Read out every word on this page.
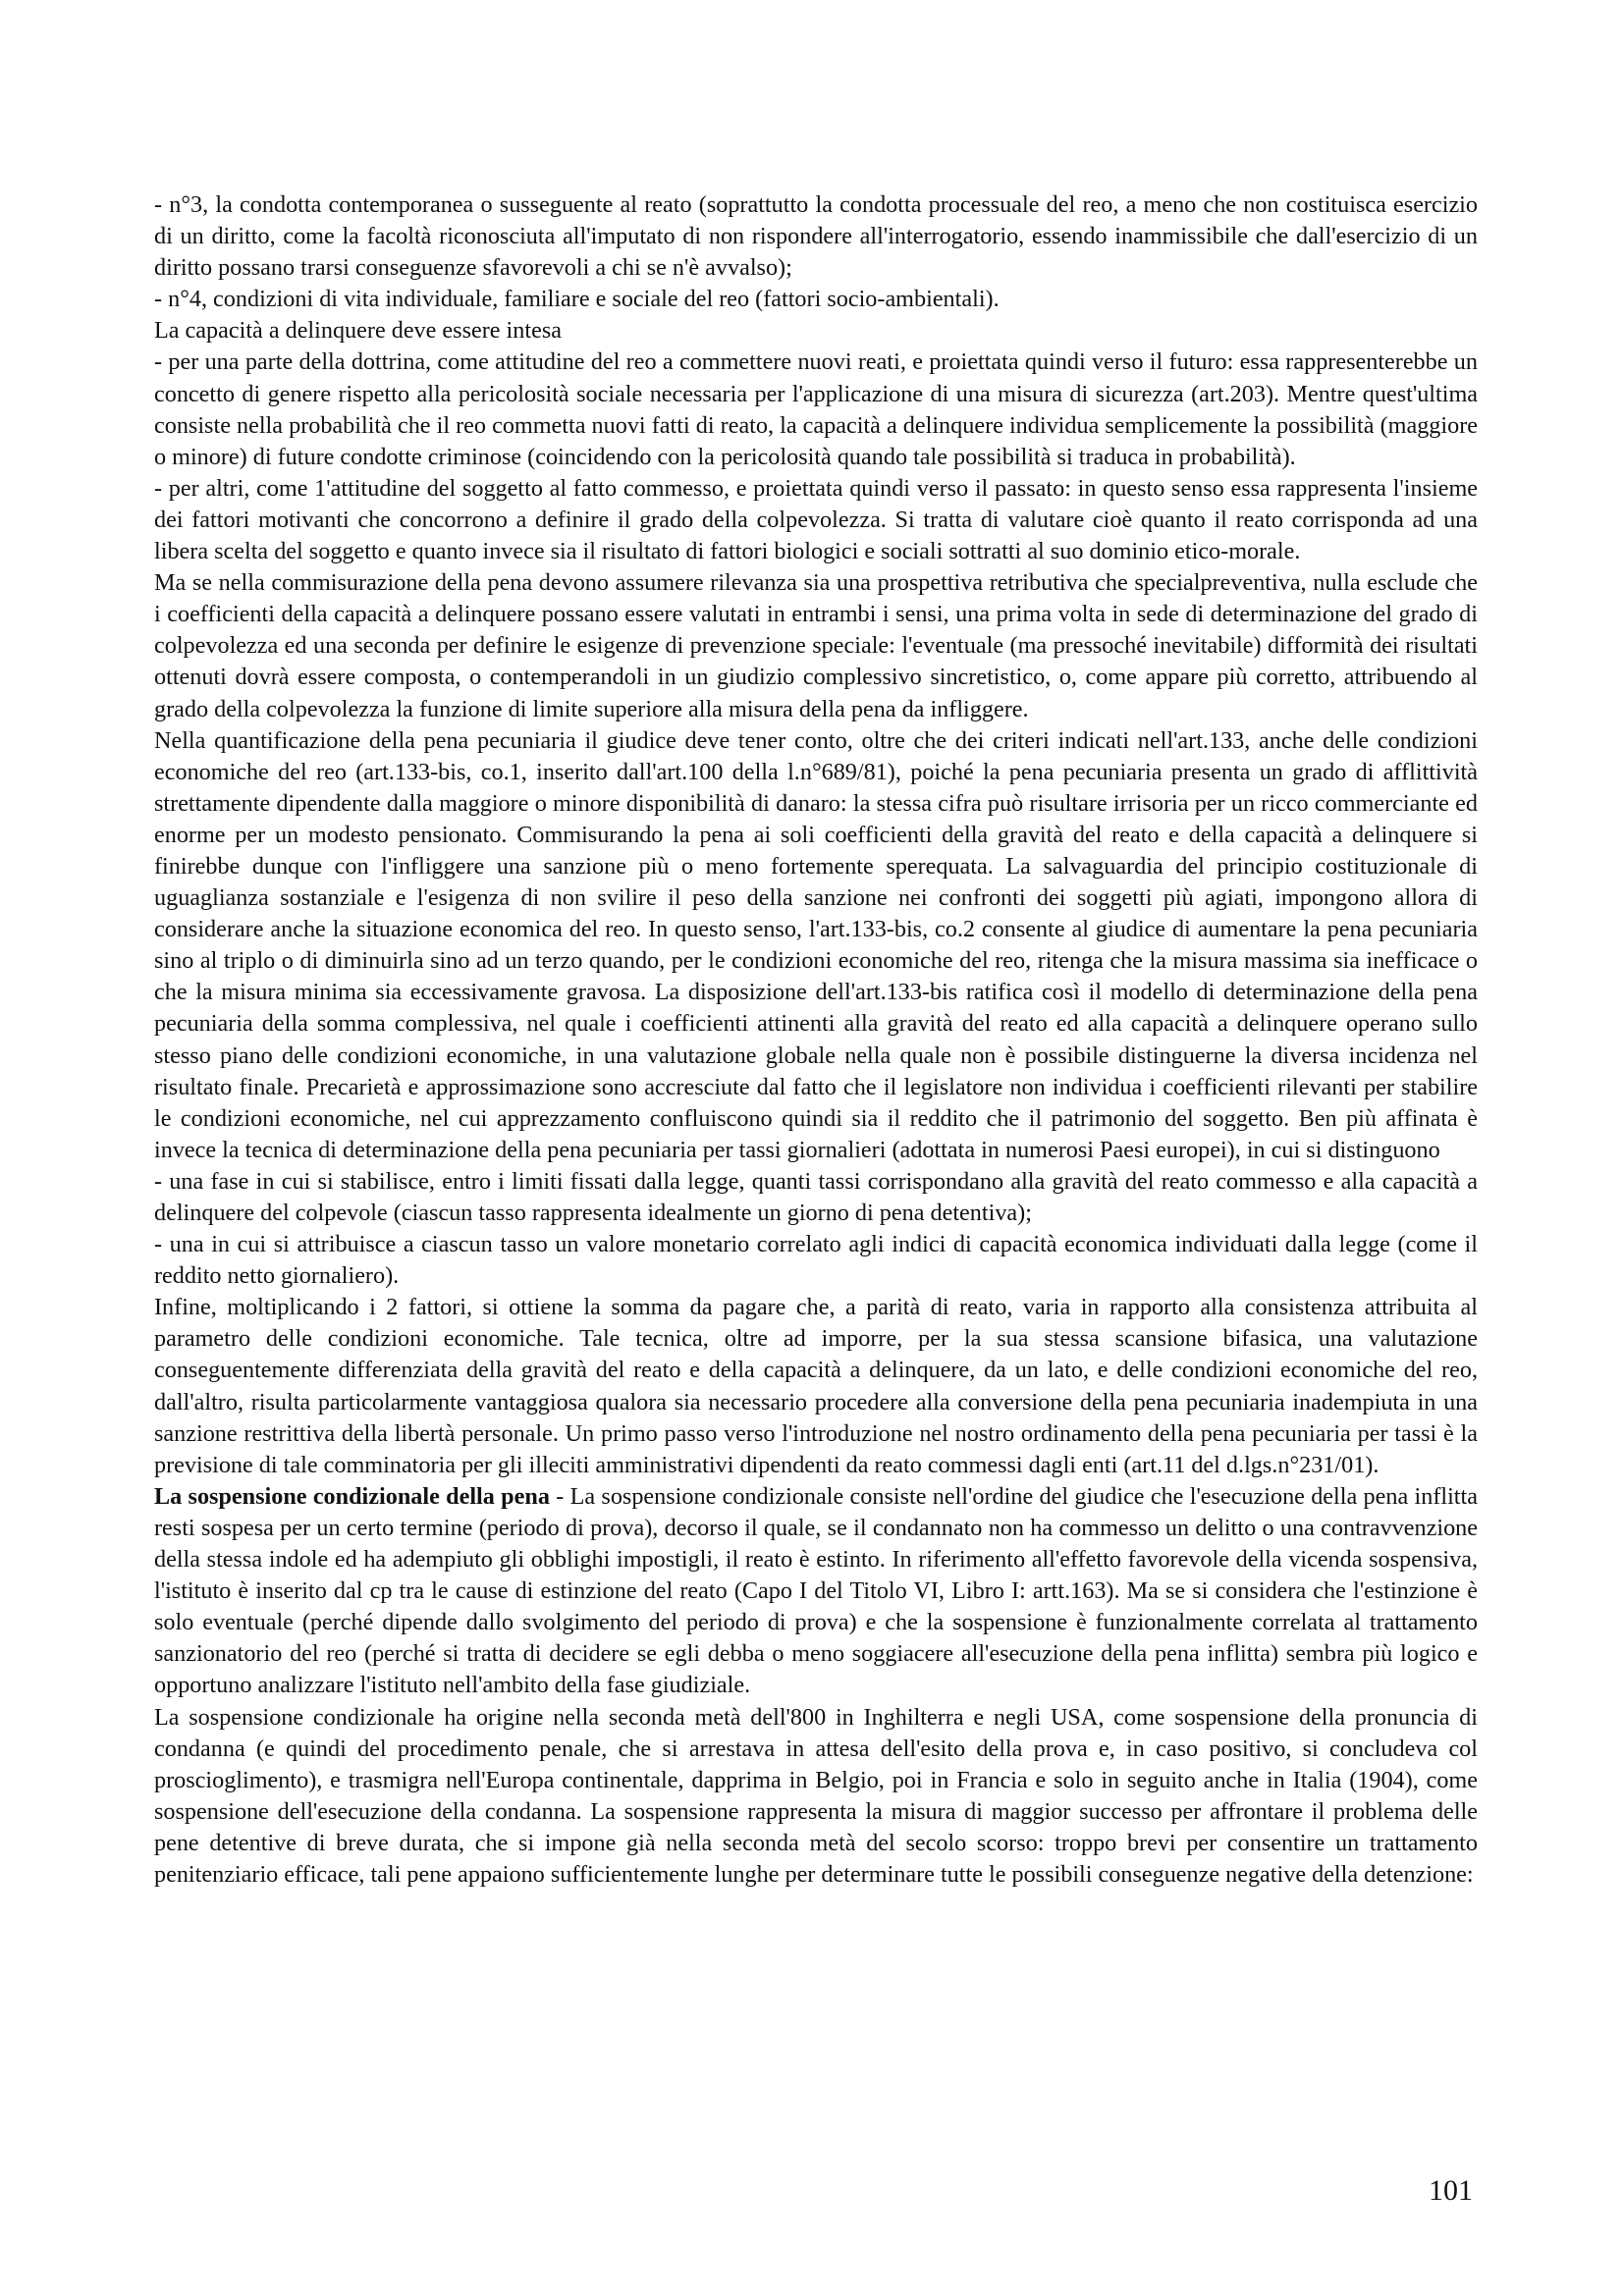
- n°3, la condotta contemporanea o susseguente al reato (soprattutto la condotta processuale del reo, a meno che non costituisca esercizio di un diritto, come la facoltà riconosciuta all'imputato di non rispondere all'interrogatorio, essendo inammissibile che dall'esercizio di un diritto possano trarsi conseguenze sfavorevoli a chi se n'è avvalso);

- n°4, condizioni di vita individuale, familiare e sociale del reo (fattori socio-ambientali).

La capacità a delinquere deve essere intesa

- per una parte della dottrina, come attitudine del reo a commettere nuovi reati, e proiettata quindi verso il futuro: essa rappresenterebbe un concetto di genere rispetto alla pericolosità sociale necessaria per l'applicazione di una misura di sicurezza (art.203). Mentre quest'ultima consiste nella probabilità che il reo commetta nuovi fatti di reato, la capacità a delinquere individua semplicemente la possibilità (maggiore o minore) di future condotte criminose (coincidendo con la pericolosità quando tale possibilità si traduca in probabilità).

- per altri, come 1'attitudine del soggetto al fatto commesso, e proiettata quindi verso il passato: in questo senso essa rappresenta l'insieme dei fattori motivanti che concorrono a definire il grado della colpevolezza. Si tratta di valutare cioè quanto il reato corrisponda ad una libera scelta del soggetto e quanto invece sia il risultato di fattori biologici e sociali sottratti al suo dominio etico-morale.

Ma se nella commisurazione della pena devono assumere rilevanza sia una prospettiva retributiva che specialpreventiva, nulla esclude che i coefficienti della capacità a delinquere possano essere valutati in entrambi i sensi, una prima volta in sede di determinazione del grado di colpevolezza ed una seconda per definire le esigenze di prevenzione speciale: l'eventuale (ma pressoché inevitabile) difformità dei risultati ottenuti dovrà essere composta, o contemperandoli in un giudizio complessivo sincretistico, o, come appare più corretto, attribuendo al grado della colpevolezza la funzione di limite superiore alla misura della pena da infliggere.

Nella quantificazione della pena pecuniaria il giudice deve tener conto, oltre che dei criteri indicati nell'art.133, anche delle condizioni economiche del reo (art.133-bis, co.1, inserito dall'art.100 della l.n°689/81), poiché la pena pecuniaria presenta un grado di afflittività strettamente dipendente dalla maggiore o minore disponibilità di danaro: la stessa cifra può risultare irrisoria per un ricco commerciante ed enorme per un modesto pensionato. Commisurando la pena ai soli coefficienti della gravità del reato e della capacità a delinquere si finirebbe dunque con l'infliggere una sanzione più o meno fortemente sperequata. La salvaguardia del principio costituzionale di uguaglianza sostanziale e l'esigenza di non svilire il peso della sanzione nei confronti dei soggetti più agiati, impongono allora di considerare anche la situazione economica del reo. In questo senso, l'art.133-bis, co.2 consente al giudice di aumentare la pena pecuniaria sino al triplo o di diminuirla sino ad un terzo quando, per le condizioni economiche del reo, ritenga che la misura massima sia inefficace o che la misura minima sia eccessivamente gravosa. La disposizione dell'art.133-bis ratifica così il modello di determinazione della pena pecuniaria della somma complessiva, nel quale i coefficienti attinenti alla gravità del reato ed alla capacità a delinquere operano sullo stesso piano delle condizioni economiche, in una valutazione globale nella quale non è possibile distinguerne la diversa incidenza nel risultato finale. Precarietà e approssimazione sono accresciute dal fatto che il legislatore non individua i coefficienti rilevanti per stabilire le condizioni economiche, nel cui apprezzamento confluiscono quindi sia il reddito che il patrimonio del soggetto. Ben più affinata è invece la tecnica di determinazione della pena pecuniaria per tassi giornalieri (adottata in numerosi Paesi europei), in cui si distinguono

- una fase in cui si stabilisce, entro i limiti fissati dalla legge, quanti tassi corrispondano alla gravità del reato commesso e alla capacità a delinquere del colpevole (ciascun tasso rappresenta idealmente un giorno di pena detentiva);

- una in cui si attribuisce a ciascun tasso un valore monetario correlato agli indici di capacità economica individuati dalla legge (come il reddito netto giornaliero).

Infine, moltiplicando i 2 fattori, si ottiene la somma da pagare che, a parità di reato, varia in rapporto alla consistenza attribuita al parametro delle condizioni economiche. Tale tecnica, oltre ad imporre, per la sua stessa scansione bifasica, una valutazione conseguentemente differenziata della gravità del reato e della capacità a delinquere, da un lato, e delle condizioni economiche del reo, dall'altro, risulta particolarmente vantaggiosa qualora sia necessario procedere alla conversione della pena pecuniaria inadempiuta in una sanzione restrittiva della libertà personale. Un primo passo verso l'introduzione nel nostro ordinamento della pena pecuniaria per tassi è la previsione di tale comminatoria per gli illeciti amministrativi dipendenti da reato commessi dagli enti (art.11 del d.lgs.n°231/01).

La sospensione condizionale della pena - La sospensione condizionale consiste nell'ordine del giudice che l'esecuzione della pena inflitta resti sospesa per un certo termine (periodo di prova), decorso il quale, se il condannato non ha commesso un delitto o una contravvenzione della stessa indole ed ha adempiuto gli obblighi impostigli, il reato è estinto. In riferimento all'effetto favorevole della vicenda sospensiva, l'istituto è inserito dal cp tra le cause di estinzione del reato (Capo I del Titolo VI, Libro I: artt.163). Ma se si considera che l'estinzione è solo eventuale (perché dipende dallo svolgimento del periodo di prova) e che la sospensione è funzionalmente correlata al trattamento sanzionatorio del reo (perché si tratta di decidere se egli debba o meno soggiacere all'esecuzione della pena inflitta) sembra più logico e opportuno analizzare l'istituto nell'ambito della fase giudiziale.

La sospensione condizionale ha origine nella seconda metà dell'800 in Inghilterra e negli USA, come sospensione della pronuncia di condanna (e quindi del procedimento penale, che si arrestava in attesa dell'esito della prova e, in caso positivo, si concludeva col proscioglimento), e trasmigra nell'Europa continentale, dapprima in Belgio, poi in Francia e solo in seguito anche in Italia (1904), come sospensione dell'esecuzione della condanna. La sospensione rappresenta la misura di maggior successo per affrontare il problema delle pene detentive di breve durata, che si impone già nella seconda metà del secolo scorso: troppo brevi per consentire un trattamento penitenziario efficace, tali pene appaiono sufficientemente lunghe per determinare tutte le possibili conseguenze negative della detenzione:

101
